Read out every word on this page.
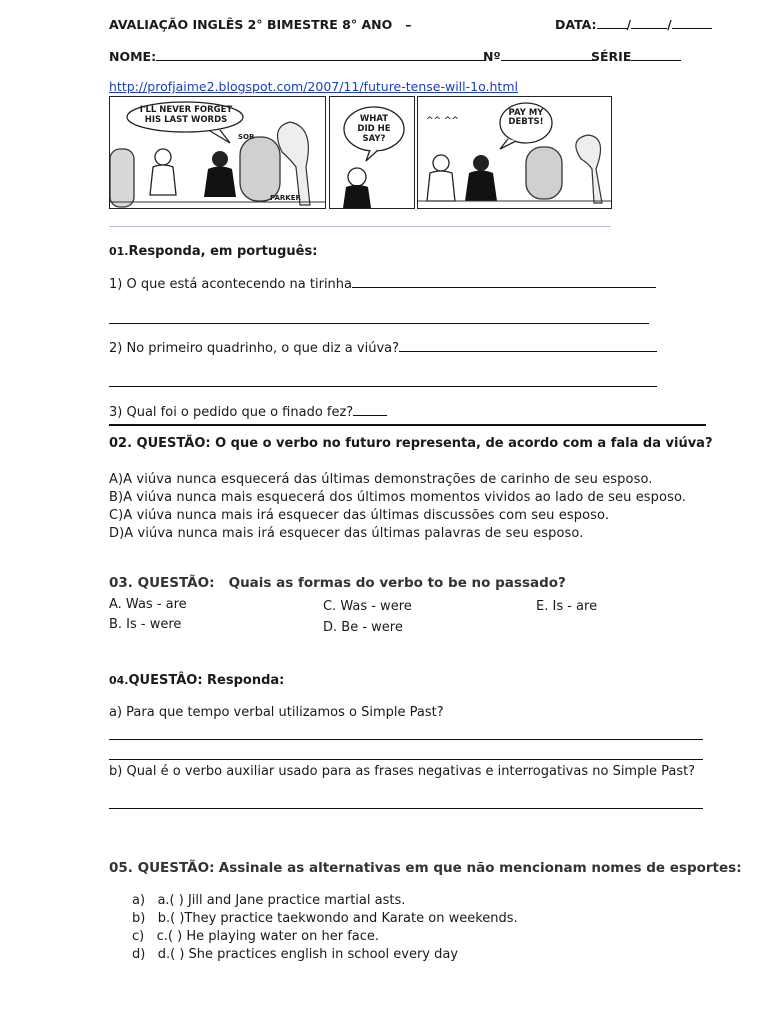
AVALIAÇÃO INGLÊS 2° BIMESTRE 8° ANO –	DATA: /	/
NOME:	Nº	SÉRIE
http://profjaime2.blogspot.com/2007/11/future-tense-will-1o.html
I'LL NEVER FORGET HIS LAST WORDS
SOB
PARKER
WHAT DID HE SAY?
^^ ^^
PAY MY DEBTS!
01.Responda, em português:
1) O que está acontecendo na tirinha
2) No primeiro quadrinho, o que diz a viúva?
3) Qual foi o pedido que o finado fez?
02. QUESTÃO: O que o verbo no futuro representa, de acordo com a fala da viúva?
A)A viúva nunca esquecerá das últimas demonstrações de carinho de seu esposo.
B)A viúva nunca mais esquecerá dos últimos momentos vividos ao lado de seu esposo.
C)A viúva nunca mais irá esquecer das últimas discussões com seu esposo.
D)A viúva nunca mais irá esquecer das últimas palavras de seu esposo.
03. QUESTÃO: Quais as formas do verbo to be no passado?
A. Was - are
B. Is - were
C. Was - were
D. Be - were
E. Is - are
04.QUESTÂO: Responda:
a) Para que tempo verbal utilizamos o Simple Past?
b) Qual é o verbo auxiliar usado para as frases negativas e interrogativas no Simple Past?
05. QUESTÃO: Assinale as alternativas em que não mencionam nomes de esportes:
a) a.( ) Jill and Jane practice martial asts.
b) b.( )They practice taekwondo and Karate on weekends.
c) c.( ) He playing water on her face.
d) d.( ) She practices english in school every day
